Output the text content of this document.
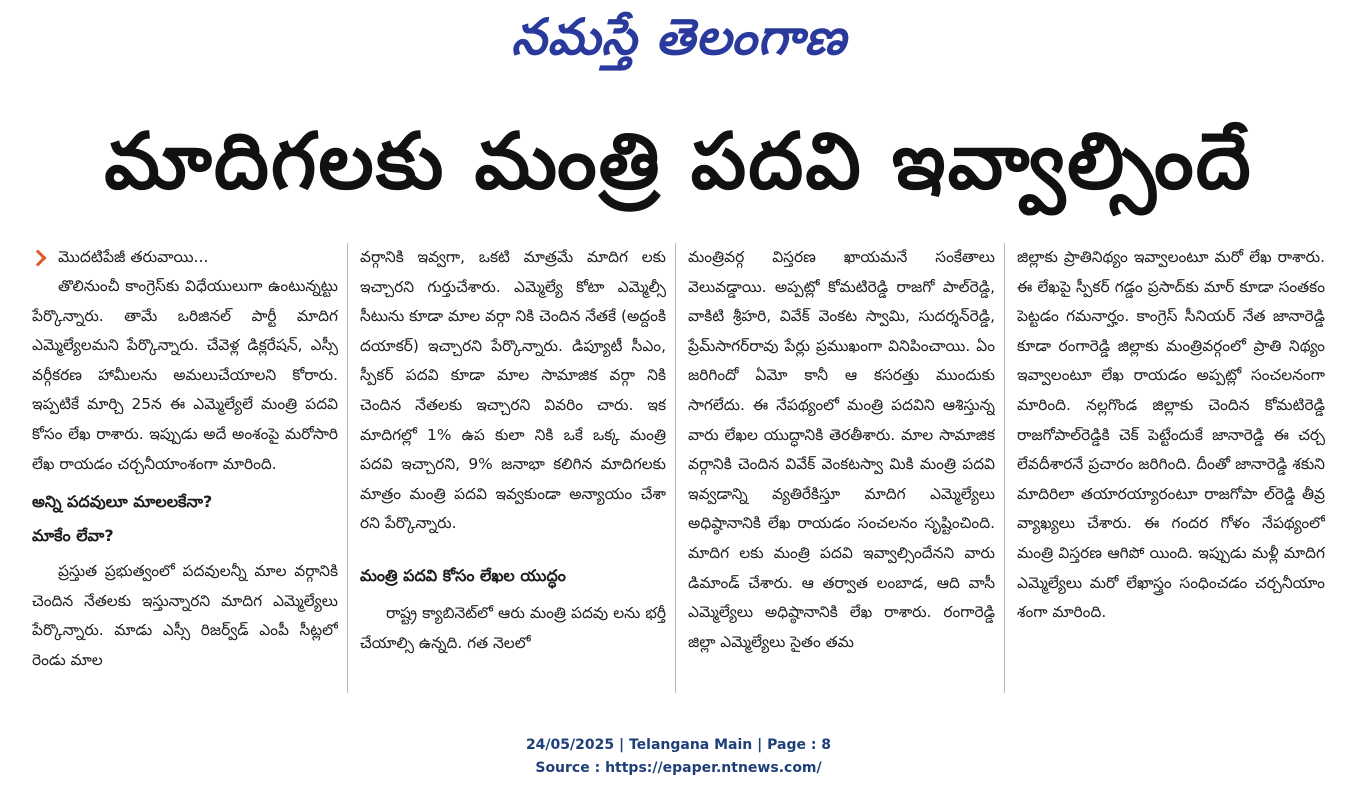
నమస్తే తెలంగాణ
మాదిగలకు మంత్రి పదవి ఇవ్వాల్సిందే
మొదటిపేజీ తరువాయి...

తొలినుంచీ కాంగ్రెస్‌కు విధేయులుగా ఉంటున్నట్టు పేర్కొన్నారు. తామే ఒరిజినల్ పార్టీ మాదిగ ఎమ్మెల్యేలమని పేర్కొన్నారు. చేవెళ్ల డిక్లరేషన్, ఎస్సీ వర్గీకరణ హామీలను అమలుచేయాలని కోరారు. ఇప్పటికే మార్చి 25న ఈ ఎమ్మెల్యేలే మంత్రి పదవి కోసం లేఖ రాశారు. ఇప్పుడు అదే అంశంపై మరోసారి లేఖ రాయడం చర్చనీయాంశంగా మారింది.

అన్ని పదవులూ మాలలకేనా?

మాకేం లేవా?

ప్రస్తుత ప్రభుత్వంలో పదవులన్నీ మాల వర్గానికి చెందిన నేతలకు ఇస్తున్నారని మాదిగ ఎమ్మెల్యేలు పేర్కొన్నారు. మాడు ఎస్సీ రిజర్వ్‌డ్ ఎంపీ సీట్లలో రెండు మాల

వర్గానికి ఇవ్వగా, ఒకటి మాత్రమే మాదిగ లకు ఇచ్చారని గుర్తుచేశారు. ఎమ్మెల్యే కోటా ఎమ్మెల్సీ సీటును కూడా మాల వర్గా నికి చెందిన నేతకే (అద్దంకి దయాకర్) ఇచ్చారని పేర్కొన్నారు. డిప్యూటీ సీఎం, స్పీకర్ పదవి కూడా మాల సామాజిక వర్గా నికి చెందిన నేతలకు ఇచ్చారని వివరిం చారు. ఇక మాదిగల్లో 1% ఉప కులా నికి ఒకే ఒక్క మంత్రి పదవి ఇచ్చారని, 9% జనాభా కలిగిన మాదిగలకు మాత్రం మంత్రి పదవి ఇవ్వకుండా అన్యాయం చేశా రని పేర్కొన్నారు.

మంత్రి పదవి కోసం లేఖల యుద్ధం

రాష్ట్ర క్యాబినెట్‌లో ఆరు మంత్రి పదవు లను భర్తీ చేయాల్సి ఉన్నది. గత నెలలో

మంత్రివర్గ విస్తరణ ఖాయమనే సంకేతాలు వెలువడ్డాయి. అప్పట్లో కోమటిరెడ్డి రాజగో పాల్‌రెడ్డి, వాకిటి శ్రీహరి, వివేక్ వెంకట స్వామి, సుదర్శన్‌రెడ్డి, ప్రేమ్‌సాగర్‌రావు పేర్లు ప్రముఖంగా వినిపించాయి. ఏం జరిగిందో ఏమో కానీ ఆ కసరత్తు ముందుకు సాగలేదు. ఈ నేపథ్యంలో మంత్రి పదవిని ఆశిస్తున్న వారు లేఖల యుద్ధానికి తెరతీశారు. మాల సామాజిక వర్గానికి చెందిన వివేక్ వెంకటస్వా మికి మంత్రి పదవి ఇవ్వడాన్ని వ్యతిరేకిస్తూ మాదిగ ఎమ్మెల్యేలు అధిష్ఠానానికి లేఖ రాయడం సంచలనం సృష్టించింది. మాదిగ లకు మంత్రి పదవి ఇవ్వాల్సిందేనని వారు డిమాండ్ చేశారు. ఆ తర్వాత లంబాడ, ఆది వాసీ ఎమ్మెల్యేలు అధిష్ఠానానికి లేఖ రాశారు. రంగారెడ్డి జిల్లా ఎమ్మెల్యేలు సైతం తమ

జిల్లాకు ప్రాతినిథ్యం ఇవ్వాలంటూ మరో లేఖ రాశారు. ఈ లేఖపై స్పీకర్ గడ్డం ప్రసాద్‌కు మార్ కూడా సంతకం పెట్టడం గమనార్హం. కాంగ్రెస్ సీనియర్ నేత జానారెడ్డి కూడా రంగారెడ్డి జిల్లాకు మంత్రివర్గంలో ప్రాతి నిథ్యం ఇవ్వాలంటూ లేఖ రాయడం అప్పట్లో సంచలనంగా మారింది. నల్లగొండ జిల్లాకు చెందిన కోమటిరెడ్డి రాజగోపాల్‌రెడ్డికి చెక్ పెట్టేందుకే జానారెడ్డి ఈ చర్చ లేవదీశారనే ప్రచారం జరిగింది. దీంతో జానారెడ్డి శకుని మాదిరిలా తయారయ్యారంటూ రాజగోపా ల్‌రెడ్డి తీవ్ర వ్యాఖ్యలు చేశారు. ఈ గందర గోళం నేపథ్యంలో మంత్రి విస్తరణ ఆగిపో యింది. ఇప్పుడు మళ్లీ మాదిగ ఎమ్మెల్యేలు మరో లేఖాస్త్రం సంధించడం చర్చనీయాం శంగా మారింది.

24/05/2025 | Telangana Main | Page : 8
Source : https://epaper.ntnews.com/
